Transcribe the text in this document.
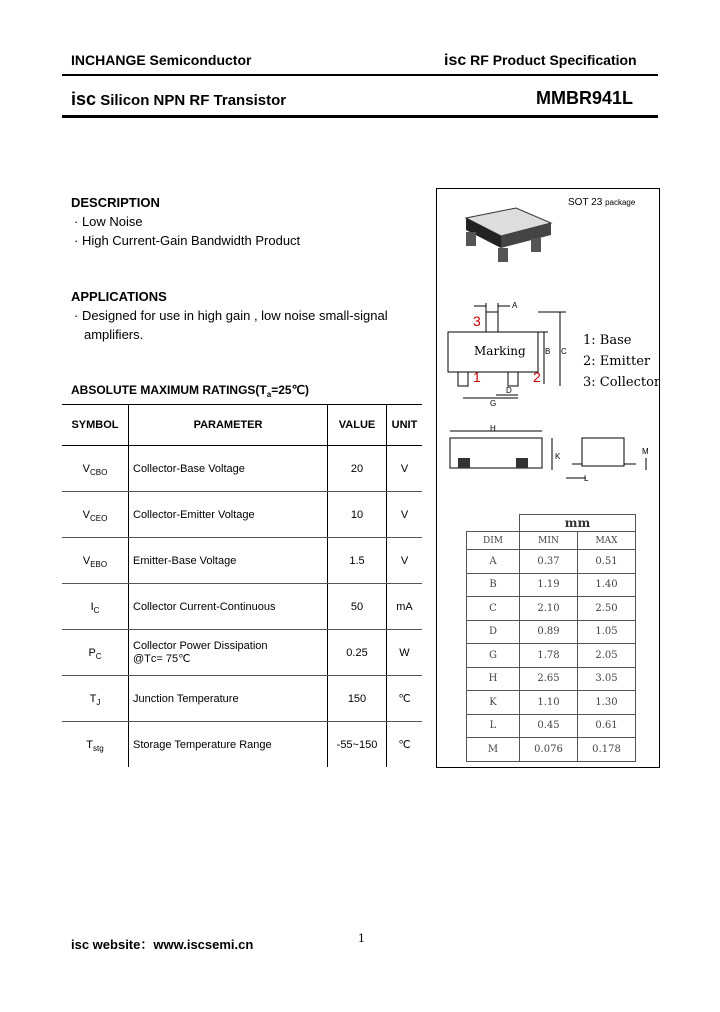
INCHANGE Semiconductor	isc RF Product Specification
isc Silicon NPN RF Transistor	MMBR941L
DESCRIPTION
· Low Noise
· High Current-Gain Bandwidth Product
APPLICATIONS
· Designed for use in high gain , low noise small-signal
amplifiers.
ABSOLUTE MAXIMUM $RATINGS(T_a=25℃)$
SYMBOL	PARAMETER	VALUE	UNIT
$V_{CBO}$	Collector-Base Voltage	20	V
$V_{CEO}$	Collector-Emitter Voltage	10	V
$V_{EBO}$	Emitter-Base Voltage	1.5	V
$I_C$	Collector Current-Continuous	50	mA
$P_C$	Collector Power Dissipation
@Tᴄ= 75℃	0.25	W
$T_J$	Junction Temperature	150	℃
$T_{stg}$	Storage Temperature Range	-55~150	℃
SOT 23 package
3
1	2
Marking
A
B C
D
G
H
K
L
M
1: Base
2: Emitter
3: Collector
	mm	
DIM	MIN	MAX
A	0.37	0.51
B	1.19	1.40
C	2.10	2.50
D	0.89	1.05
G	1.78	2.05
H	2.65	3.05
K	1.10	1.30
L	0.45	0.61
M	0.076	0.178
isc website：www.iscsemi.cn	1
